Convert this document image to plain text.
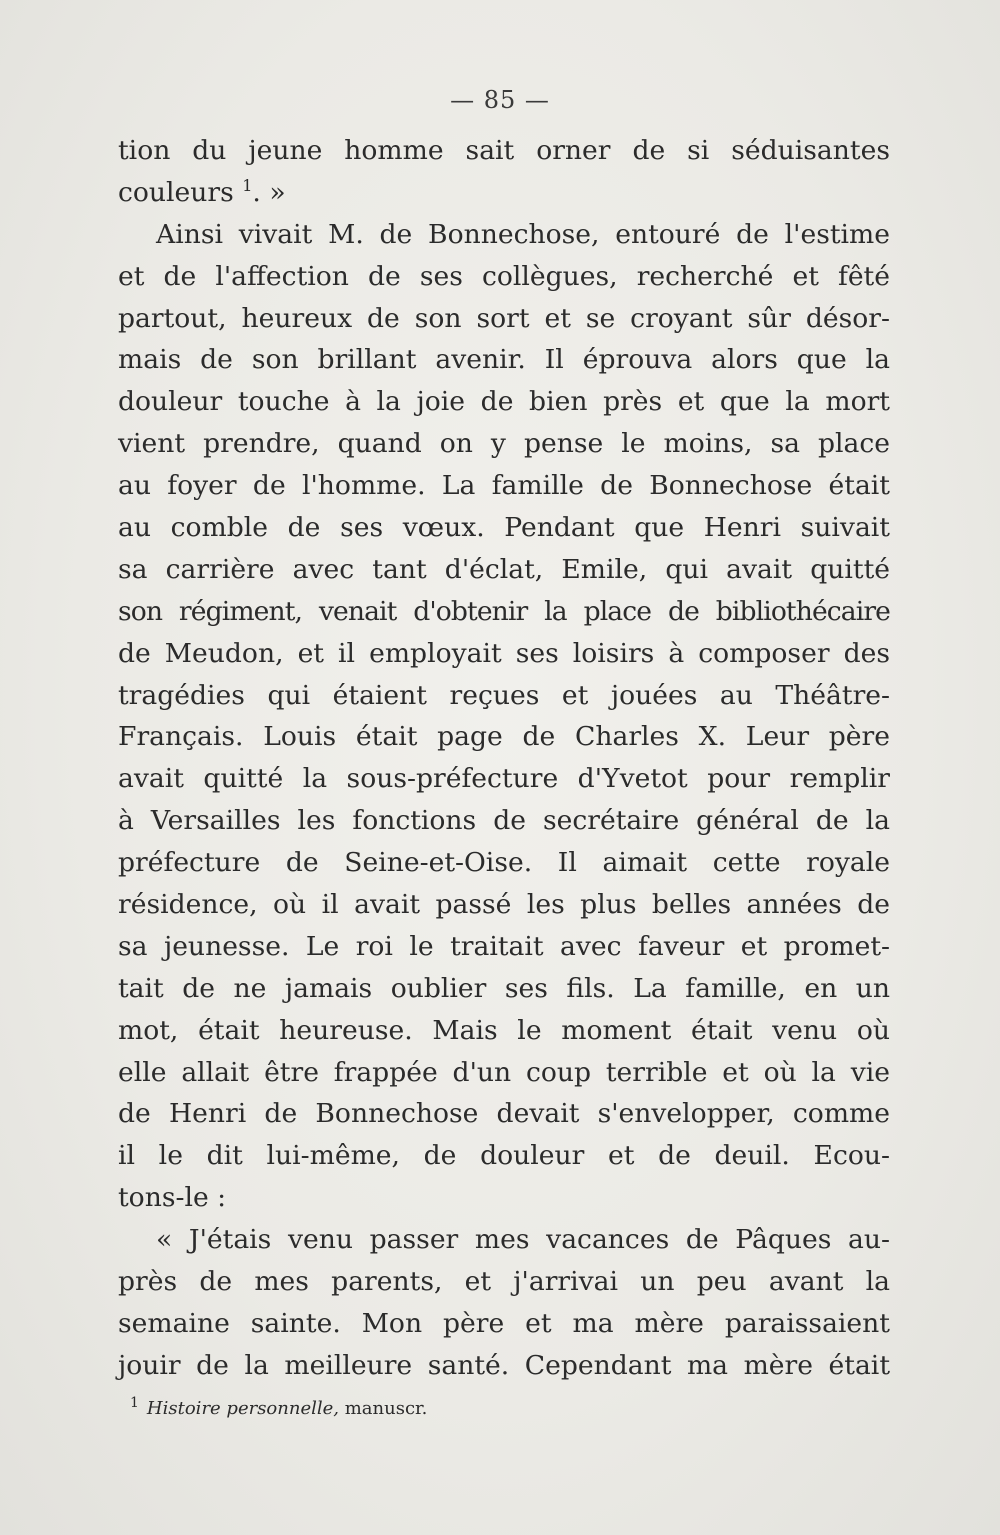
— 85 —
tion du jeune homme sait orner de si séduisantes
couleurs $^1$. »
Ainsi vivait M. de Bonnechose, entouré de l'estime
et de l'affection de ses collègues, recherché et fêté
partout, heureux de son sort et se croyant sûr désor-
mais de son brillant avenir. Il éprouva alors que la
douleur touche à la joie de bien près et que la mort
vient prendre, quand on y pense le moins, sa place
au foyer de l'homme. La famille de Bonnechose était
au comble de ses vœux. Pendant que Henri suivait
sa carrière avec tant d'éclat, Emile, qui avait quitté
son régiment, venait d'obtenir la place de bibliothécaire
de Meudon, et il employait ses loisirs à composer des
tragédies qui étaient reçues et jouées au Théâtre-
Français. Louis était page de Charles X. Leur père
avait quitté la sous-préfecture d'Yvetot pour remplir
à Versailles les fonctions de secrétaire général de la
préfecture de Seine-et-Oise. Il aimait cette royale
résidence, où il avait passé les plus belles années de
sa jeunesse. Le roi le traitait avec faveur et promet-
tait de ne jamais oublier ses fils. La famille, en un
mot, était heureuse. Mais le moment était venu où
elle allait être frappée d'un coup terrible et où la vie
de Henri de Bonnechose devait s'envelopper, comme
il le dit lui-même, de douleur et de deuil. Ecou-
tons-le :
« J'étais venu passer mes vacances de Pâques au-
près de mes parents, et j'arrivai un peu avant la
semaine sainte. Mon père et ma mère paraissaient
jouir de la meilleure santé. Cependant ma mère était
$^1$ Histoire personnelle, manuscr.
